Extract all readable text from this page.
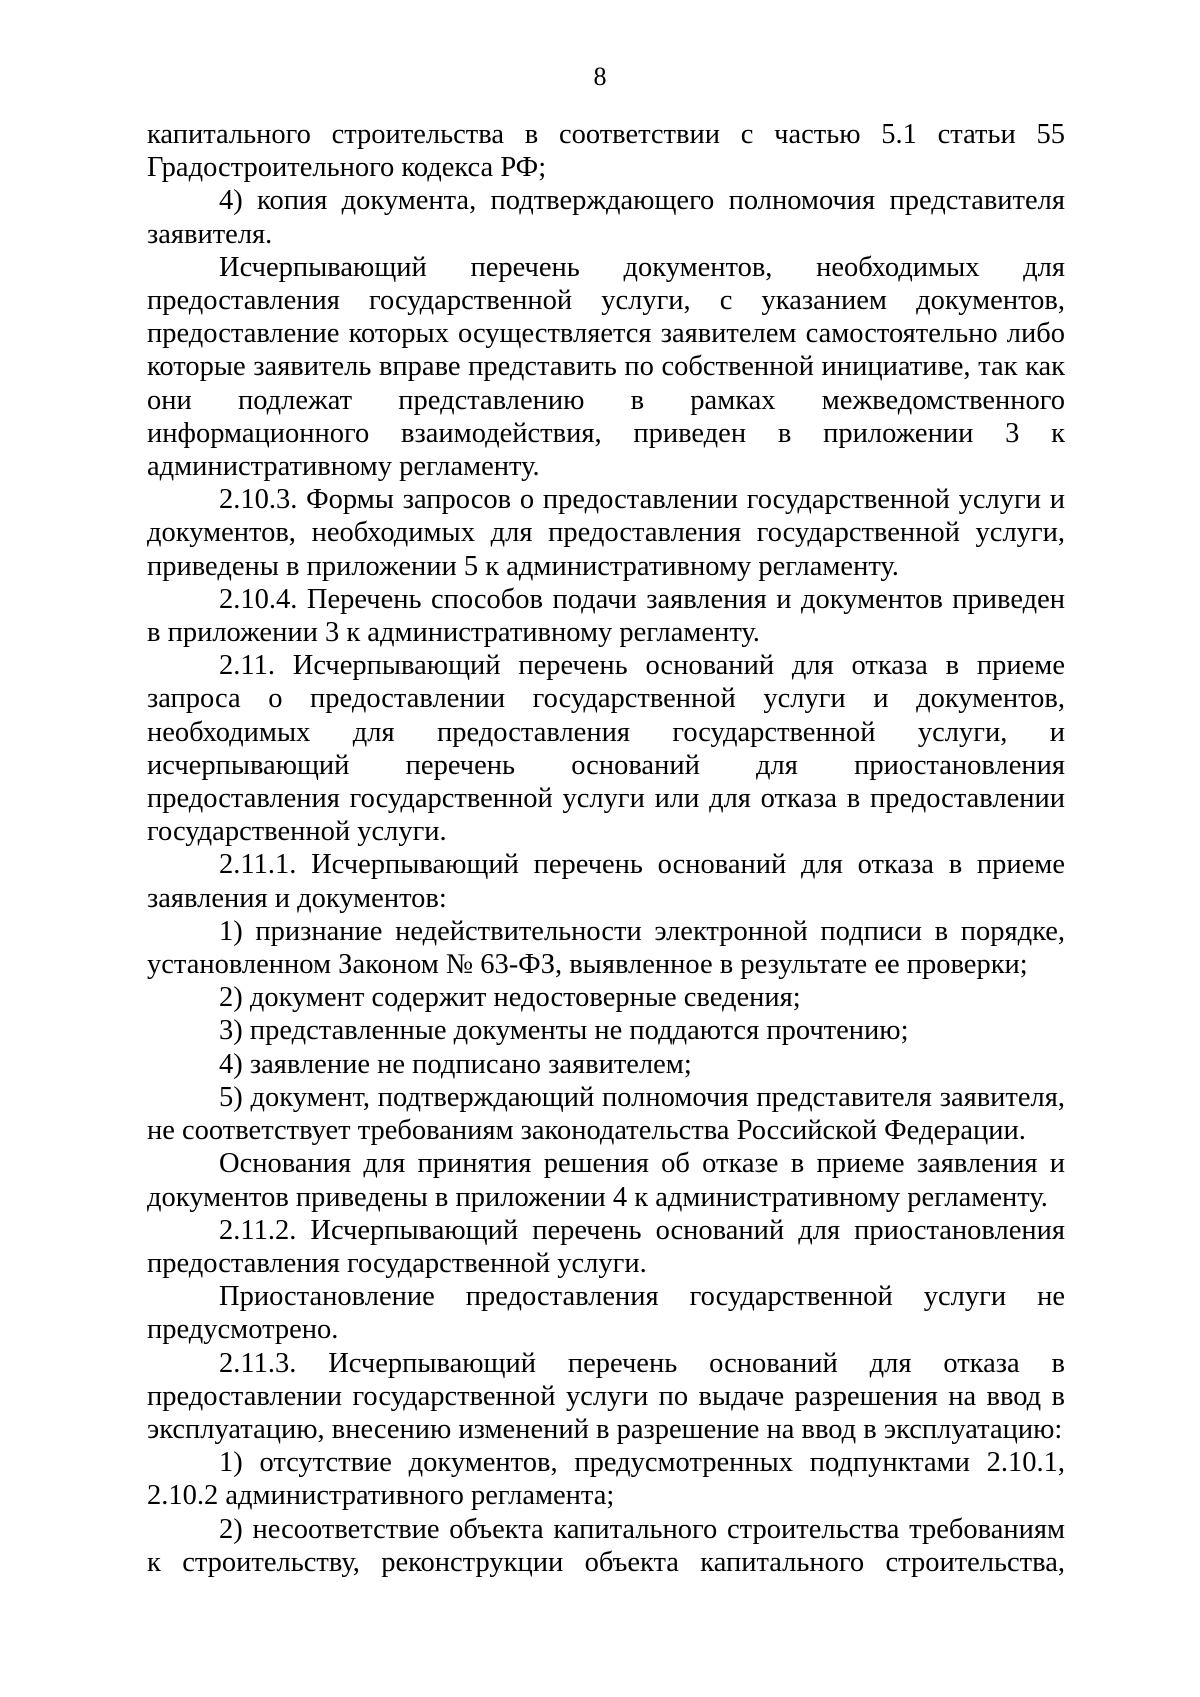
8

капитального строительства в соответствии с частью 5.1 статьи 55 Градостроительного кодекса РФ;

4) копия документа, подтверждающего полномочия представителя заявителя.

Исчерпывающий перечень документов, необходимых для предоставления государственной услуги, с указанием документов, предоставление которых осуществляется заявителем самостоятельно либо которые заявитель вправе представить по собственной инициативе, так как они подлежат представлению в рамках межведомственного информационного взаимодействия, приведен в приложении 3 к административному регламенту.

2.10.3. Формы запросов о предоставлении государственной услуги и документов, необходимых для предоставления государственной услуги, приведены в приложении 5 к административному регламенту.

2.10.4. Перечень способов подачи заявления и документов приведен в приложении 3 к административному регламенту.

2.11. Исчерпывающий перечень оснований для отказа в приеме запроса о предоставлении государственной услуги и документов, необходимых для предоставления государственной услуги, и исчерпывающий перечень оснований для приостановления предоставления государственной услуги или для отказа в предоставлении государственной услуги.

2.11.1. Исчерпывающий перечень оснований для отказа в приеме заявления и документов:

1) признание недействительности электронной подписи в порядке, установленном Законом № 63-ФЗ, выявленное в результате ее проверки;

2) документ содержит недостоверные сведения;

3) представленные документы не поддаются прочтению;

4) заявление не подписано заявителем;

5) документ, подтверждающий полномочия представителя заявителя, не соответствует требованиям законодательства Российской Федерации.

Основания для принятия решения об отказе в приеме заявления и документов приведены в приложении 4 к административному регламенту.

2.11.2. Исчерпывающий перечень оснований для приостановления предоставления государственной услуги.

Приостановление предоставления государственной услуги не предусмотрено.

2.11.3. Исчерпывающий перечень оснований для отказа в предоставлении государственной услуги по выдаче разрешения на ввод в эксплуатацию, внесению изменений в разрешение на ввод в эксплуатацию:

1) отсутствие документов, предусмотренных подпунктами 2.10.1, 2.10.2 административного регламента;

2) несоответствие объекта капитального строительства требованиям к строительству, реконструкции объекта капитального строительства,
